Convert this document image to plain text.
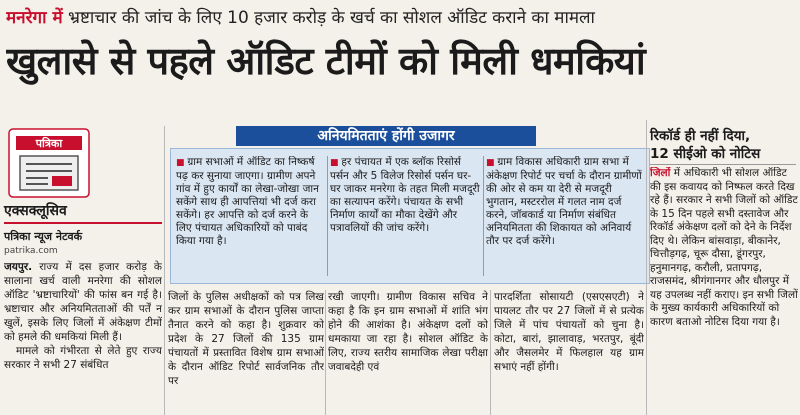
मनरेगा में भ्रष्टाचार की जांच के लिए 10 हजार करोड़ के खर्च का सोशल ऑडिट कराने का मामला
खुलासे से पहले ऑडिट टीमों को मिली धमकियां
पत्रिका
एक्सक्लूसिव
पत्रिका न्यूज नेटवर्क
patrika.com

जयपुर. राज्य में दस हजार करोड़ के सालाना खर्च वाली मनरेगा की सोशल ऑडिट 'भ्रष्टाचारियों' की फांस बन गई है। भ्रष्टाचार और अनियमितताओं की पर्तें न खुलें, इसके लिए जिलों में अंकेक्षण टीमों को हमले की धमकियां मिली हैं।

मामले को गंभीरता से लेते हुए राज्य सरकार ने सभी 27 संबंधित

अनियमितताएं होंगी उजागर
■ ग्राम सभाओं में ऑडिट का निष्कर्ष पढ़ कर सुनाया जाएगा। ग्रामीण अपने गांव में हुए कार्यों का लेखा-जोखा जान सकेंगे साथ ही आपत्तियां भी दर्ज करा सकेंगे। हर आपत्ति को दर्ज करने के लिए पंचायत अधिकारियों को पाबंद किया गया है।
■ हर पंचायत में एक ब्लॉक रिसोर्स पर्सन और 5 विलेज रिसोर्स पर्सन घर-घर जाकर मनरेगा के तहत मिली मजदूरी का सत्यापन करेंगे। पंचायत के सभी निर्माण कार्यों का मौका देखेंगे और पत्रावलियों की जांच करेंगे।
■ ग्राम विकास अधिकारी ग्राम सभा में अंकेक्षण रिपोर्ट पर चर्चा के दौरान ग्रामीणों की ओर से कम या देरी से मजदूरी भुगतान, मस्टररोल में गलत नाम दर्ज करने, जॉबकार्ड या निर्माण संबंधित अनियमितता की शिकायत को अनिवार्य तौर पर दर्ज करेंगे।
जिलों के पुलिस अधीक्षकों को पत्र लिख कर ग्राम सभाओं के दौरान पुलिस जाप्ता तैनात करने को कहा है। शुक्रवार को प्रदेश के 27 जिलों की 135 ग्राम पंचायतों में प्रस्तावित विशेष ग्राम सभाओं के दौरान ऑडिट रिपोर्ट सार्वजनिक तौर पर
रखी जाएगी। ग्रामीण विकास सचिव ने कहा है कि इन ग्राम सभाओं में शांति भंग होने की आशंका है। अंकेक्षण दलों को धमकाया जा रहा है। सोशल ऑडिट के लिए, राज्य स्तरीय सामाजिक लेखा परीक्षा जवाबदेही एवं
पारदर्शिता सोसायटी (एसएसएटी) ने पायलट तौर पर 27 जिलों में से प्रत्येक जिले में पांच पंचायतों को चुना है। कोटा, बारां, झालावाड़, भरतपुर, बूंदी और जैसलमेर में फिलहाल यह ग्राम सभाएं नहीं होंगी।
रिकॉर्ड ही नहीं दिया,
12 सीईओ को नोटिस
जिलों में अधिकारी भी सोशल ऑडिट की इस कवायद को निष्फल करते दिख रहे हैं। सरकार ने सभी जिलों को ऑडिट के 15 दिन पहले सभी दस्तावेज और रिकॉर्ड अंकेक्षण दलों को देने के निर्देश दिए थे। लेकिन बांसवाड़ा, बीकानेर, चित्तौड़गढ़, चूरू दौसा, डूंगरपुर, हनुमानगढ़, करौली, प्रतापगढ़, राजसमंद, श्रीगंगानगर और धौलपुर में यह उपलब्ध नहीं कराए। इन सभी जिलों के मुख्य कार्यकारी अधिकारियों को कारण बताओ नोटिस दिया गया है।
